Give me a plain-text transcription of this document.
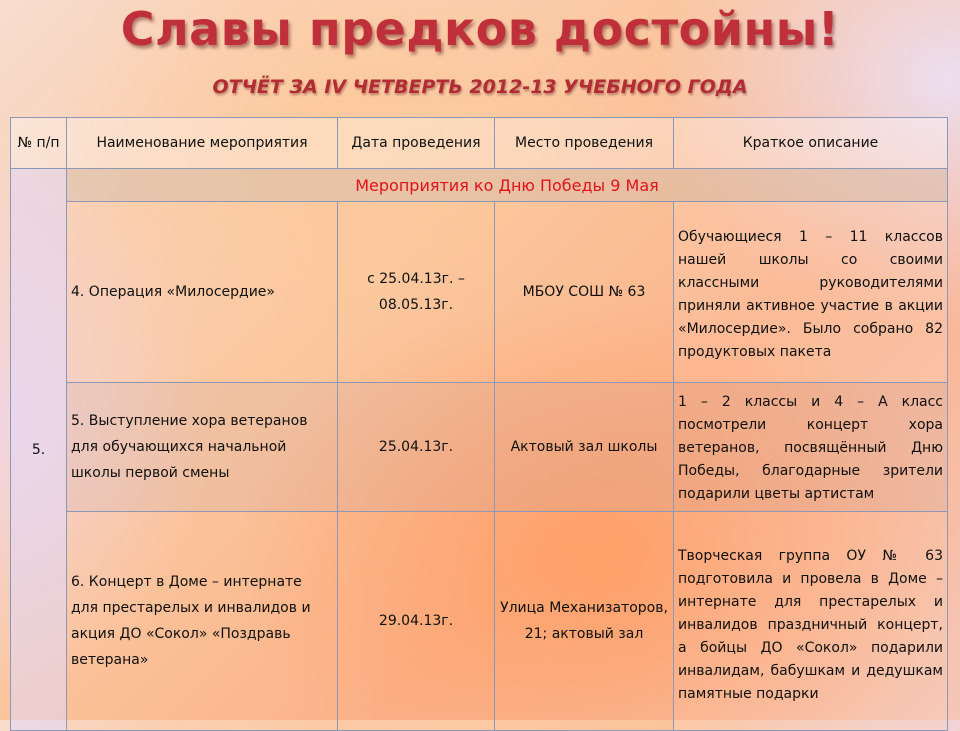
Славы предков достойны!
ОТЧЁТ ЗА IV ЧЕТВЕРТЬ 2012-13 УЧЕБНОГО ГОДА
№ п/п	Наименование мероприятия	Дата проведения	Место проведения	Краткое описание
5.	Мероприятия ко Дню Победы 9 Мая			
	4. Операция «Милосердие»	с 25.04.13г. – 08.05.13г.	МБОУ СОШ № 63	Обучающиеся 1 – 11 классов нашей школы со своими классными руководителями приняли активное участие в акции «Милосердие». Было собрано 82 продуктовых пакета
	5. Выступление хора ветеранов для обучающихся начальной школы первой смены	25.04.13г.	Актовый зал школы	1 – 2 классы и 4 – А класс посмотрели концерт хора ветеранов, посвящённый Дню Победы, благодарные зрители подарили цветы артистам
	6. Концерт в Доме – интернате для престарелых и инвалидов и акция ДО «Сокол» «Поздравь ветерана»	29.04.13г.	Улица Механизаторов, 21; актовый зал	Творческая группа ОУ № 63 подготовила и провела в Доме – интернате для престарелых и инвалидов праздничный концерт, а бойцы ДО «Сокол» подарили инвалидам, бабушкам и дедушкам памятные подарки
